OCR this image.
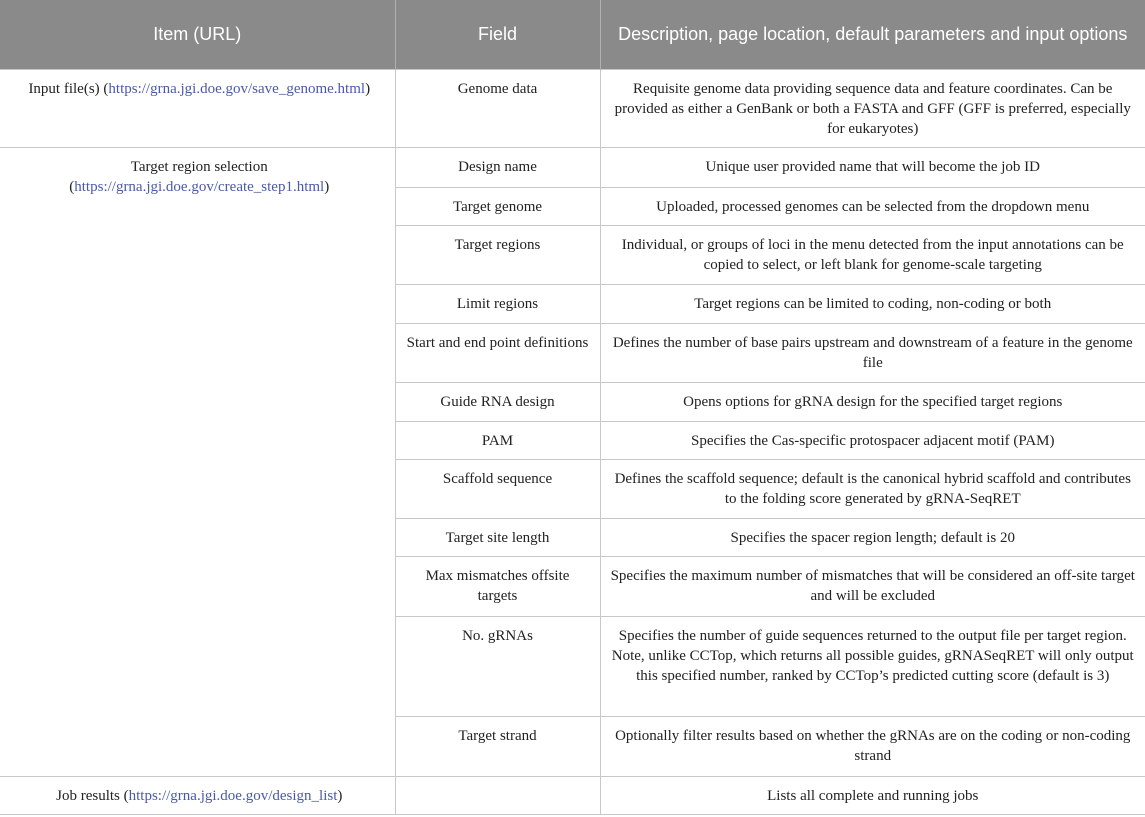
Item (URL)	Field	Description, page location, default parameters and input options
Input file(s) (https://grna.jgi.doe.gov/save_genome.html)	Genome data	Requisite genome data providing sequence data and feature coordinates. Can be provided as either a GenBank or both a FASTA and GFF (GFF is preferred, especially for eukaryotes)
Target region selection (https://grna.jgi.doe.gov/create_step1.html)	Design name	Unique user provided name that will become the job ID
	Target genome	Uploaded, processed genomes can be selected from the dropdown menu
	Target regions	Individual, or groups of loci in the menu detected from the input annotations can be copied to select, or left blank for genome-scale targeting
	Limit regions	Target regions can be limited to coding, non-coding or both
	Start and end point definitions	Defines the number of base pairs upstream and downstream of a feature in the genome file
	Guide RNA design	Opens options for gRNA design for the specified target regions
	PAM	Specifies the Cas-specific protospacer adjacent motif (PAM)
	Scaffold sequence	Defines the scaffold sequence; default is the canonical hybrid scaffold and contributes to the folding score generated by gRNA-SeqRET
	Target site length	Specifies the spacer region length; default is 20
	Max mismatches offsite targets	Specifies the maximum number of mismatches that will be considered an off-site target and will be excluded
	No. gRNAs	Specifies the number of guide sequences returned to the output file per target region. Note, unlike CCTop, which returns all possible guides, gRNASeqRET will only output this specified number, ranked by CCTop’s predicted cutting score (default is 3)
	Target strand	Optionally filter results based on whether the gRNAs are on the coding or non-coding strand
Job results (https://grna.jgi.doe.gov/design_list)		Lists all complete and running jobs
